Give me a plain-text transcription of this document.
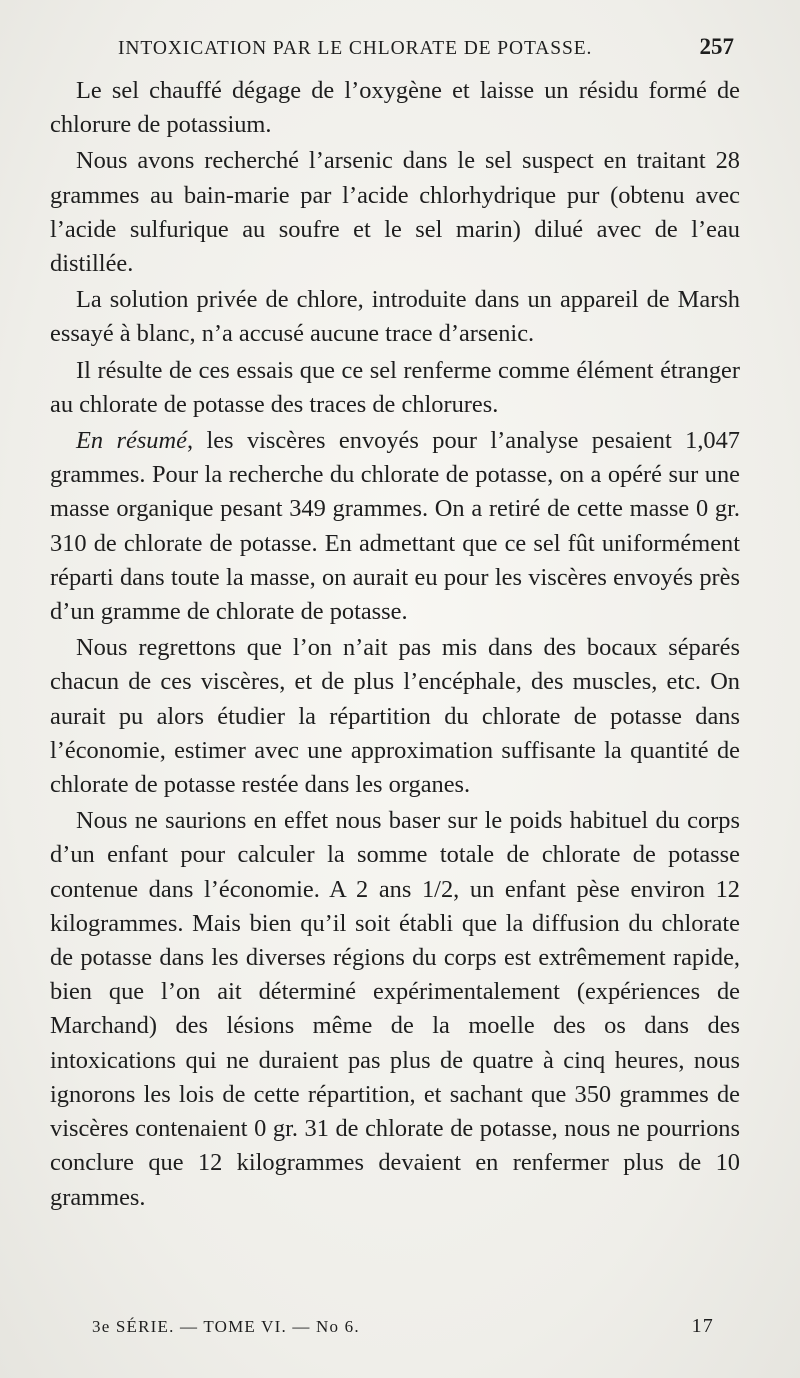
INTOXICATION PAR LE CHLORATE DE POTASSE.	257

Le sel chauffé dégage de l’oxygène et laisse un résidu formé de chlorure de potassium.

Nous avons recherché l’arsenic dans le sel suspect en traitant 28 grammes au bain-marie par l’acide chlorhydrique pur (obtenu avec l’acide sulfurique au soufre et le sel marin) dilué avec de l’eau distillée.

La solution privée de chlore, introduite dans un appareil de Marsh essayé à blanc, n’a accusé aucune trace d’arsenic.

Il résulte de ces essais que ce sel renferme comme élément étranger au chlorate de potasse des traces de chlorures.

En résumé, les viscères envoyés pour l’analyse pesaient 1,047 grammes. Pour la recherche du chlorate de potasse, on a opéré sur une masse organique pesant 349 grammes. On a retiré de cette masse 0 gr. 310 de chlorate de potasse. En admettant que ce sel fût uniformément réparti dans toute la masse, on aurait eu pour les viscères envoyés près d’un gramme de chlorate de potasse.

Nous regrettons que l’on n’ait pas mis dans des bocaux séparés chacun de ces viscères, et de plus l’encéphale, des muscles, etc. On aurait pu alors étudier la répartition du chlorate de potasse dans l’économie, estimer avec une approximation suffisante la quantité de chlorate de potasse restée dans les organes.

Nous ne saurions en effet nous baser sur le poids habituel du corps d’un enfant pour calculer la somme totale de chlorate de potasse contenue dans l’économie. A 2 ans 1/2, un enfant pèse environ 12 kilogrammes. Mais bien qu’il soit établi que la diffusion du chlorate de potasse dans les diverses régions du corps est extrêmement rapide, bien que l’on ait déterminé expérimentalement (expériences de Marchand) des lésions même de la moelle des os dans des intoxications qui ne duraient pas plus de quatre à cinq heures, nous ignorons les lois de cette répartition, et sachant que 350 grammes de viscères contenaient 0 gr. 31 de chlorate de potasse, nous ne pourrions conclure que 12 kilogrammes devaient en renfermer plus de 10 grammes.

3e SÉRIE. — TOME VI. — No 6.	17
